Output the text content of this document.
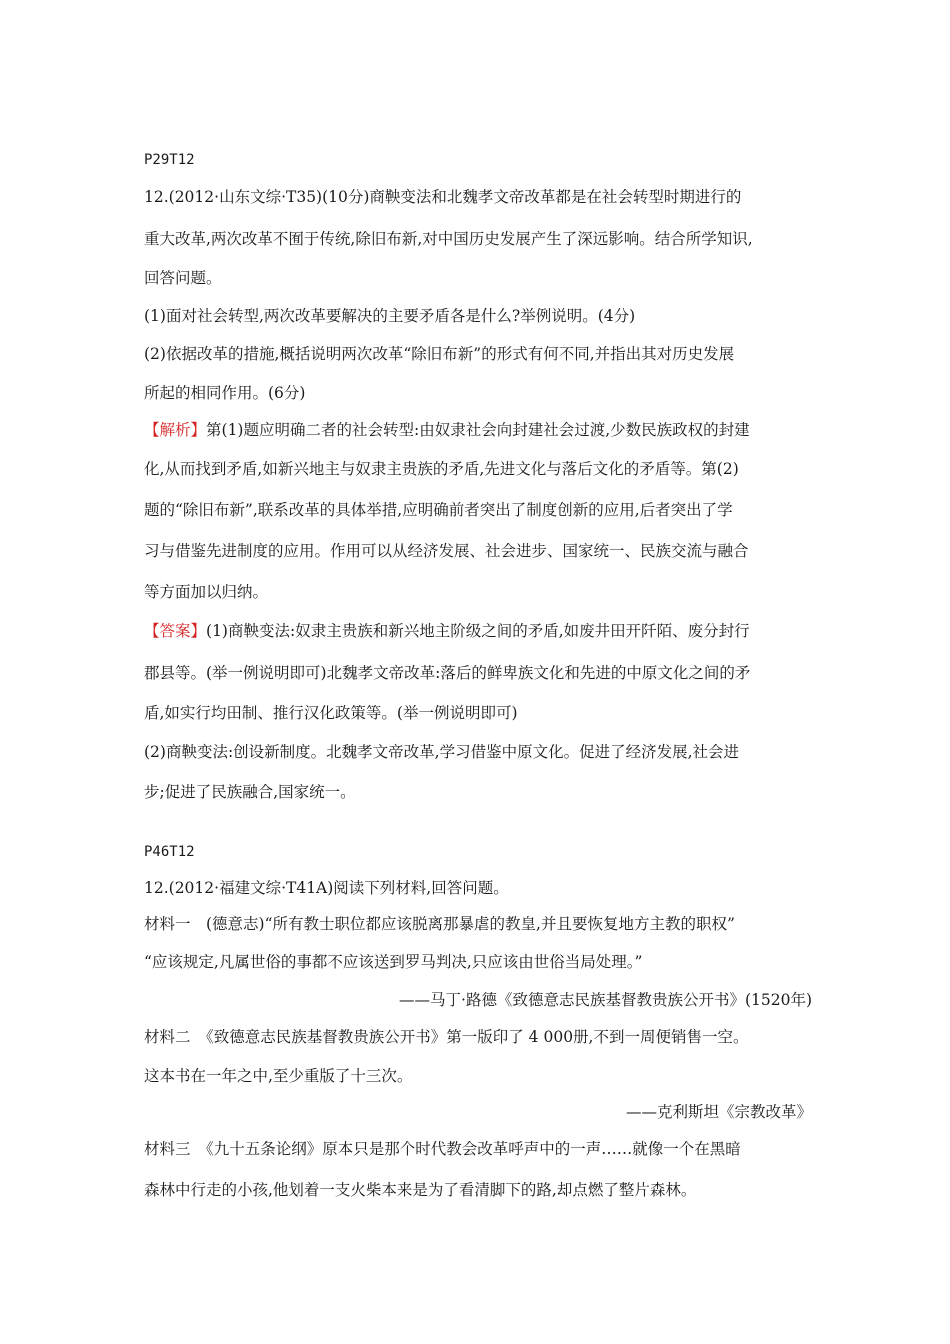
P29T12
12.(2012·山东文综·T35)(10分)商鞅变法和北魏孝文帝改革都是在社会转型时期进行的
重大改革,两次改革不囿于传统,除旧布新,对中国历史发展产生了深远影响。结合所学知识,
回答问题。
(1)面对社会转型,两次改革要解决的主要矛盾各是什么?举例说明。(4分)
(2)依据改革的措施,概括说明两次改革“除旧布新”的形式有何不同,并指出其对历史发展
所起的相同作用。(6分)
【解析】第(1)题应明确二者的社会转型:由奴隶社会向封建社会过渡,少数民族政权的封建
化,从而找到矛盾,如新兴地主与奴隶主贵族的矛盾,先进文化与落后文化的矛盾等。第(2)
题的“除旧布新”,联系改革的具体举措,应明确前者突出了制度创新的应用,后者突出了学
习与借鉴先进制度的应用。作用可以从经济发展、社会进步、国家统一、民族交流与融合
等方面加以归纳。
【答案】(1)商鞅变法:奴隶主贵族和新兴地主阶级之间的矛盾,如废井田开阡陌、废分封行
郡县等。(举一例说明即可)北魏孝文帝改革:落后的鲜卑族文化和先进的中原文化之间的矛
盾,如实行均田制、推行汉化政策等。(举一例说明即可)
(2)商鞅变法:创设新制度。北魏孝文帝改革,学习借鉴中原文化。促进了经济发展,社会进
步;促进了民族融合,国家统一。
P46T12
12.(2012·福建文综·T41A)阅读下列材料,回答问题。
材料一　(德意志)“所有教士职位都应该脱离那暴虐的教皇,并且要恢复地方主教的职权”
“应该规定,凡属世俗的事都不应该送到罗马判决,只应该由世俗当局处理。”
——马丁·路德《致德意志民族基督教贵族公开书》(1520年)
材料二　《致德意志民族基督教贵族公开书》第一版印了 4 000册,不到一周便销售一空。
这本书在一年之中,至少重版了十三次。
——克利斯坦《宗教改革》
材料三　《九十五条论纲》原本只是那个时代教会改革呼声中的一声……就像一个在黑暗
森林中行走的小孩,他划着一支火柴本来是为了看清脚下的路,却点燃了整片森林。
